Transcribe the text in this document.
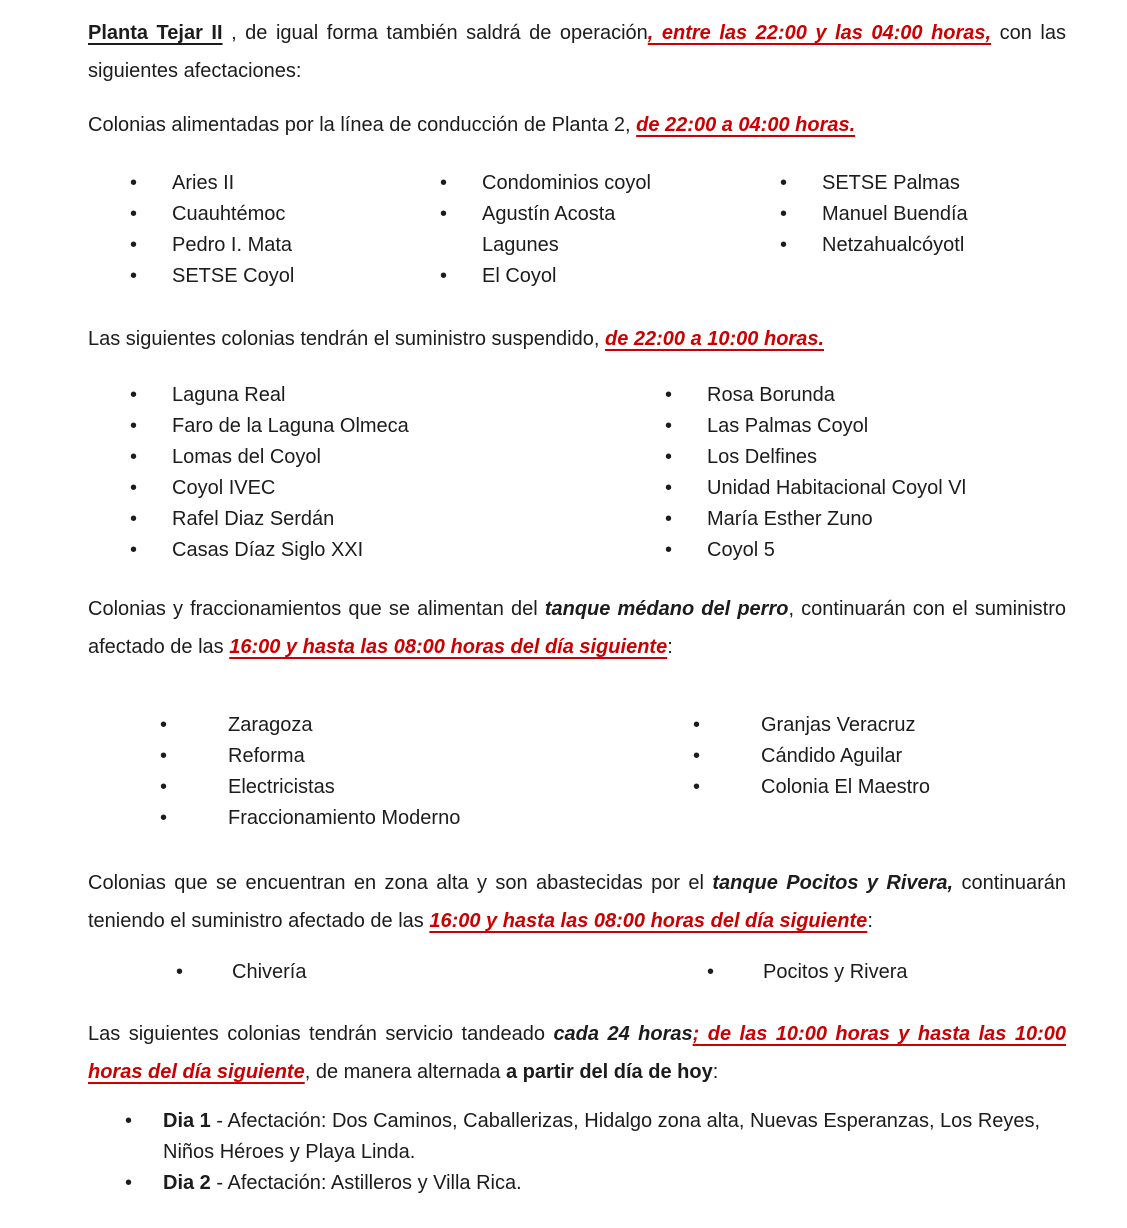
Planta Tejar II , de igual forma también saldrá de operación, entre las 22:00 y las 04:00 horas, con las siguientes afectaciones:

Colonias alimentadas por la línea de conducción de Planta 2, de 22:00 a 04:00 horas.

•	Aries II
•	Cuauhtémoc
•	Pedro I. Mata
•	SETSE Coyol
•	Condominios coyol
•	Agustín Acosta Lagunes
•	El Coyol
•	SETSE Palmas
•	Manuel Buendía
•	Netzahualcóyotl

Las siguientes colonias tendrán el suministro suspendido, de 22:00 a 10:00 horas.

•	Laguna Real
•	Faro de la Laguna Olmeca
•	Lomas del Coyol
•	Coyol IVEC
•	Rafel Diaz Serdán
•	Casas Díaz Siglo XXI
•	Rosa Borunda
•	Las Palmas Coyol
•	Los Delfines
•	Unidad Habitacional Coyol Vl
•	María Esther Zuno
•	Coyol 5

Colonias y fraccionamientos que se alimentan del tanque médano del perro, continuarán con el suministro afectado de las 16:00 y hasta las 08:00 horas del día siguiente:

•	Zaragoza
•	Reforma
•	Electricistas
•	Fraccionamiento Moderno
•	Granjas Veracruz
•	Cándido Aguilar
•	Colonia El Maestro

Colonias que se encuentran en zona alta y son abastecidas por el tanque Pocitos y Rivera, continuarán teniendo el suministro afectado de las 16:00 y hasta las 08:00 horas del día siguiente:

•	Chivería	•	Pocitos y Rivera

Las siguientes colonias tendrán servicio tandeado cada 24 horas; de las 10:00 horas y hasta las 10:00 horas del día siguiente, de manera alternada a partir del día de hoy:

•	Dia 1 - Afectación: Dos Caminos, Caballerizas, Hidalgo zona alta, Nuevas Esperanzas, Los Reyes, Niños Héroes y Playa Linda.
•	Dia 2 - Afectación: Astilleros y Villa Rica.
